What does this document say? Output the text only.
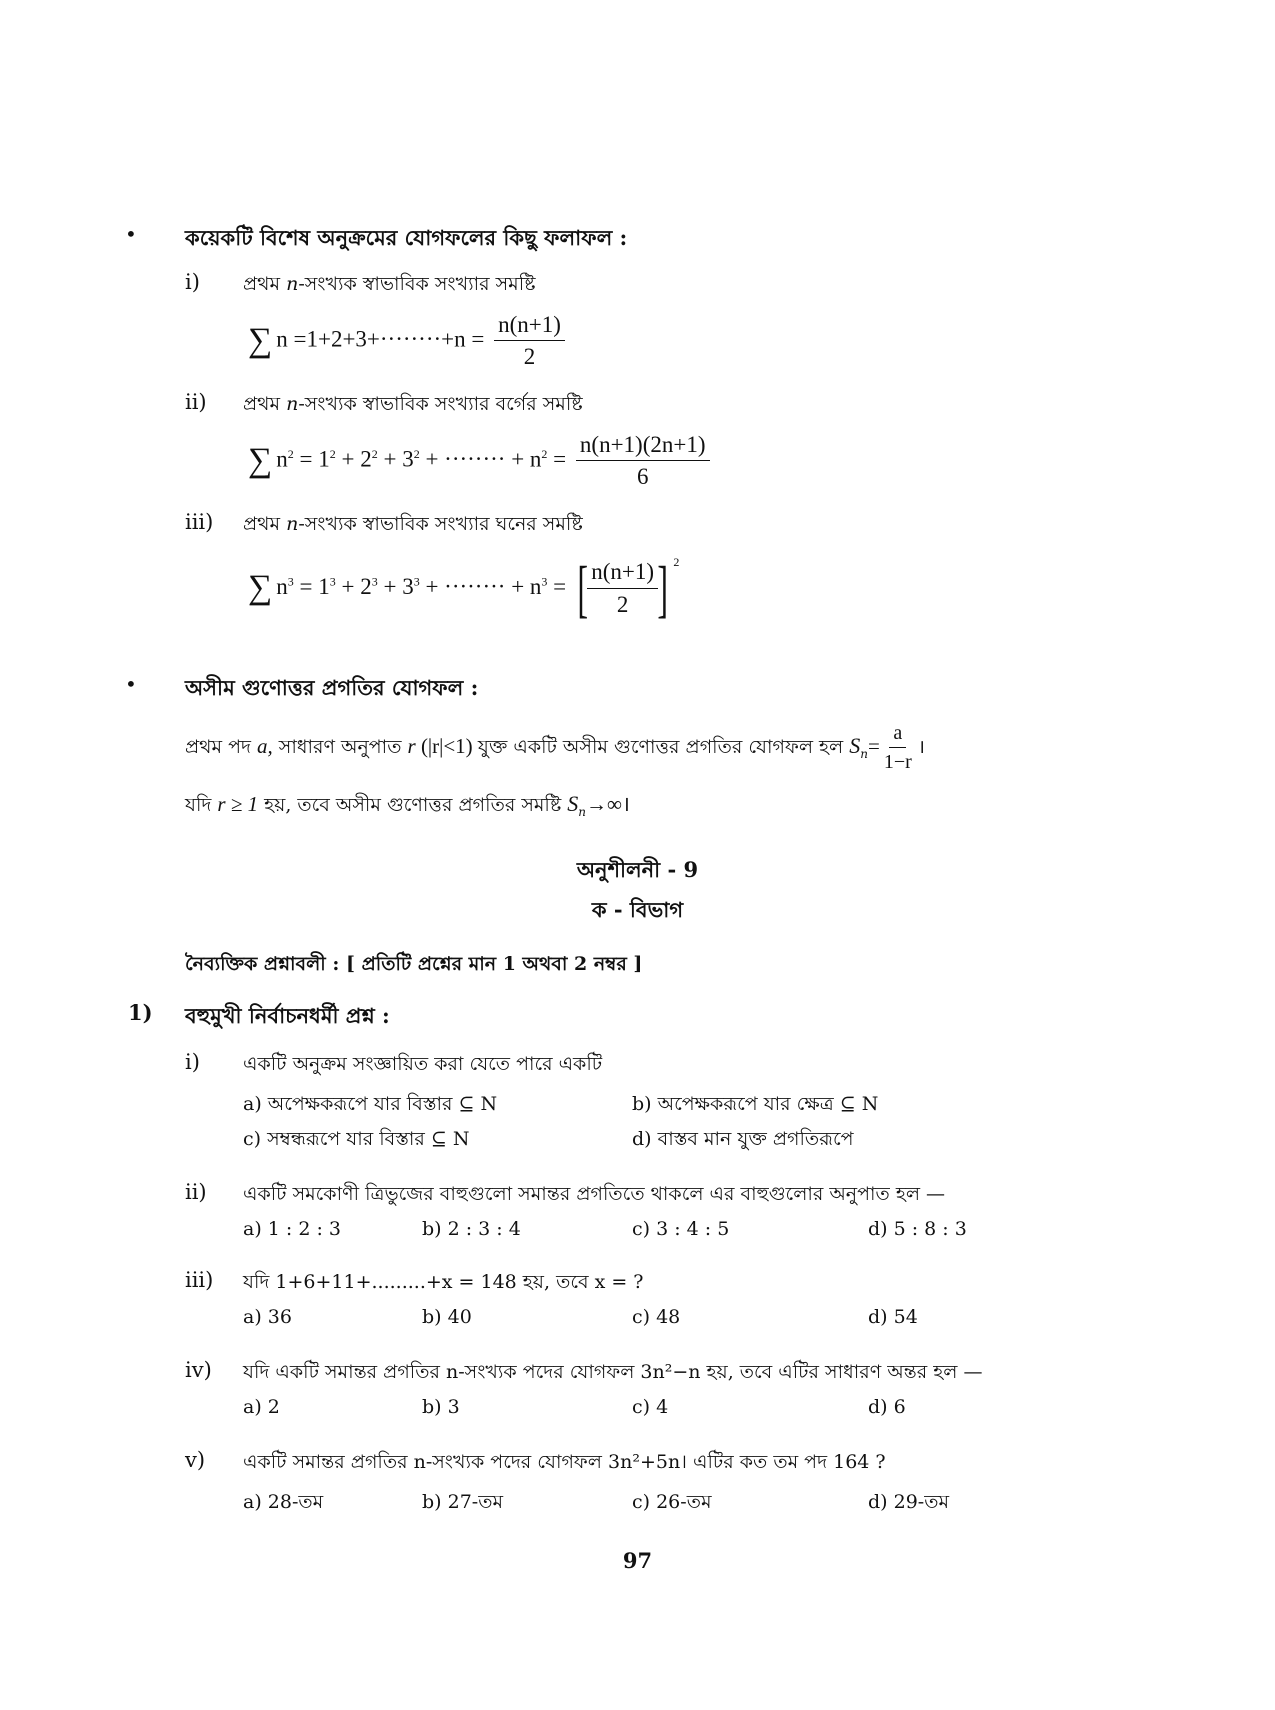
• কয়েকটি বিশেষ অনুক্রমের যোগফলের কিছু ফলাফল :
i) প্রথম n-সংখ্যক স্বাভাবিক সংখ্যার সমষ্টি
∑ $n =1+2+3+\cdot\cdot\cdot\cdot\cdot\cdot\cdot\cdot+n = \frac{n(n+1)}{2}$
ii) প্রথম n-সংখ্যক স্বাভাবিক সংখ্যার বর্গের সমষ্টি
∑ $n^2 = 1^2 + 2^2 + 3^2$ + ········ + $n^2 = \frac{n(n+1)(2n+1)}{6}$
iii) প্রথম n-সংখ্যক স্বাভাবিক সংখ্যার ঘনের সমষ্টি
∑ $n^3 = 1^3 + 2^3 + 3^3$ + ········ + $n^3$ = [ $\frac{n(n+1)}{2}$ ] $^2$
• অসীম গুণোত্তর প্রগতির যোগফল :
প্রথম পদ a, সাধারণ অনুপাত r (|r|<1) যুক্ত একটি অসীম গুণোত্তর প্রগতির যোগফল হল $S_n= \frac{a}{1-r}$ ।
যদি r ≥ 1 হয়, তবে অসীম গুণোত্তর প্রগতির সমষ্টি $S_n\to\infty।$
অনুশীলনী - 9
ক - বিভাগ
নৈব্যক্তিক প্রশ্নাবলী : [ প্রতিটি প্রশ্নের মান 1 অথবা 2 নম্বর ]
1) বহুমুখী নির্বাচনধর্মী প্রশ্ন :
i) একটি অনুক্রম সংজ্ঞায়িত করা যেতে পারে একটি
a) অপেক্ষকরূপে যার বিস্তার ⊆ N	b) অপেক্ষকরূপে যার ক্ষেত্র ⊆ N
c) সম্বন্ধরূপে যার বিস্তার ⊆ N	d) বাস্তব মান যুক্ত প্রগতিরূপে
ii) একটি সমকোণী ত্রিভুজের বাহুগুলো সমান্তর প্রগতিতে থাকলে এর বাহুগুলোর অনুপাত হল —
a) 1 : 2 : 3	b) 2 : 3 : 4	c) 3 : 4 : 5	d) 5 : 8 : 3
iii) যদি 1+6+11+.........+x = 148 হয়, তবে x = ?
a) 36	b) 40	c) 48	d) 54
iv) যদি একটি সমান্তর প্রগতির n-সংখ্যক পদের যোগফল 3n²−n হয়, তবে এটির সাধারণ অন্তর হল —
a) 2	b) 3	c) 4	d) 6
v) একটি সমান্তর প্রগতির n-সংখ্যক পদের যোগফল 3n²+5n। এটির কত তম পদ 164 ?
a) 28-তম	b) 27-তম	c) 26-তম	d) 29-তম
97
